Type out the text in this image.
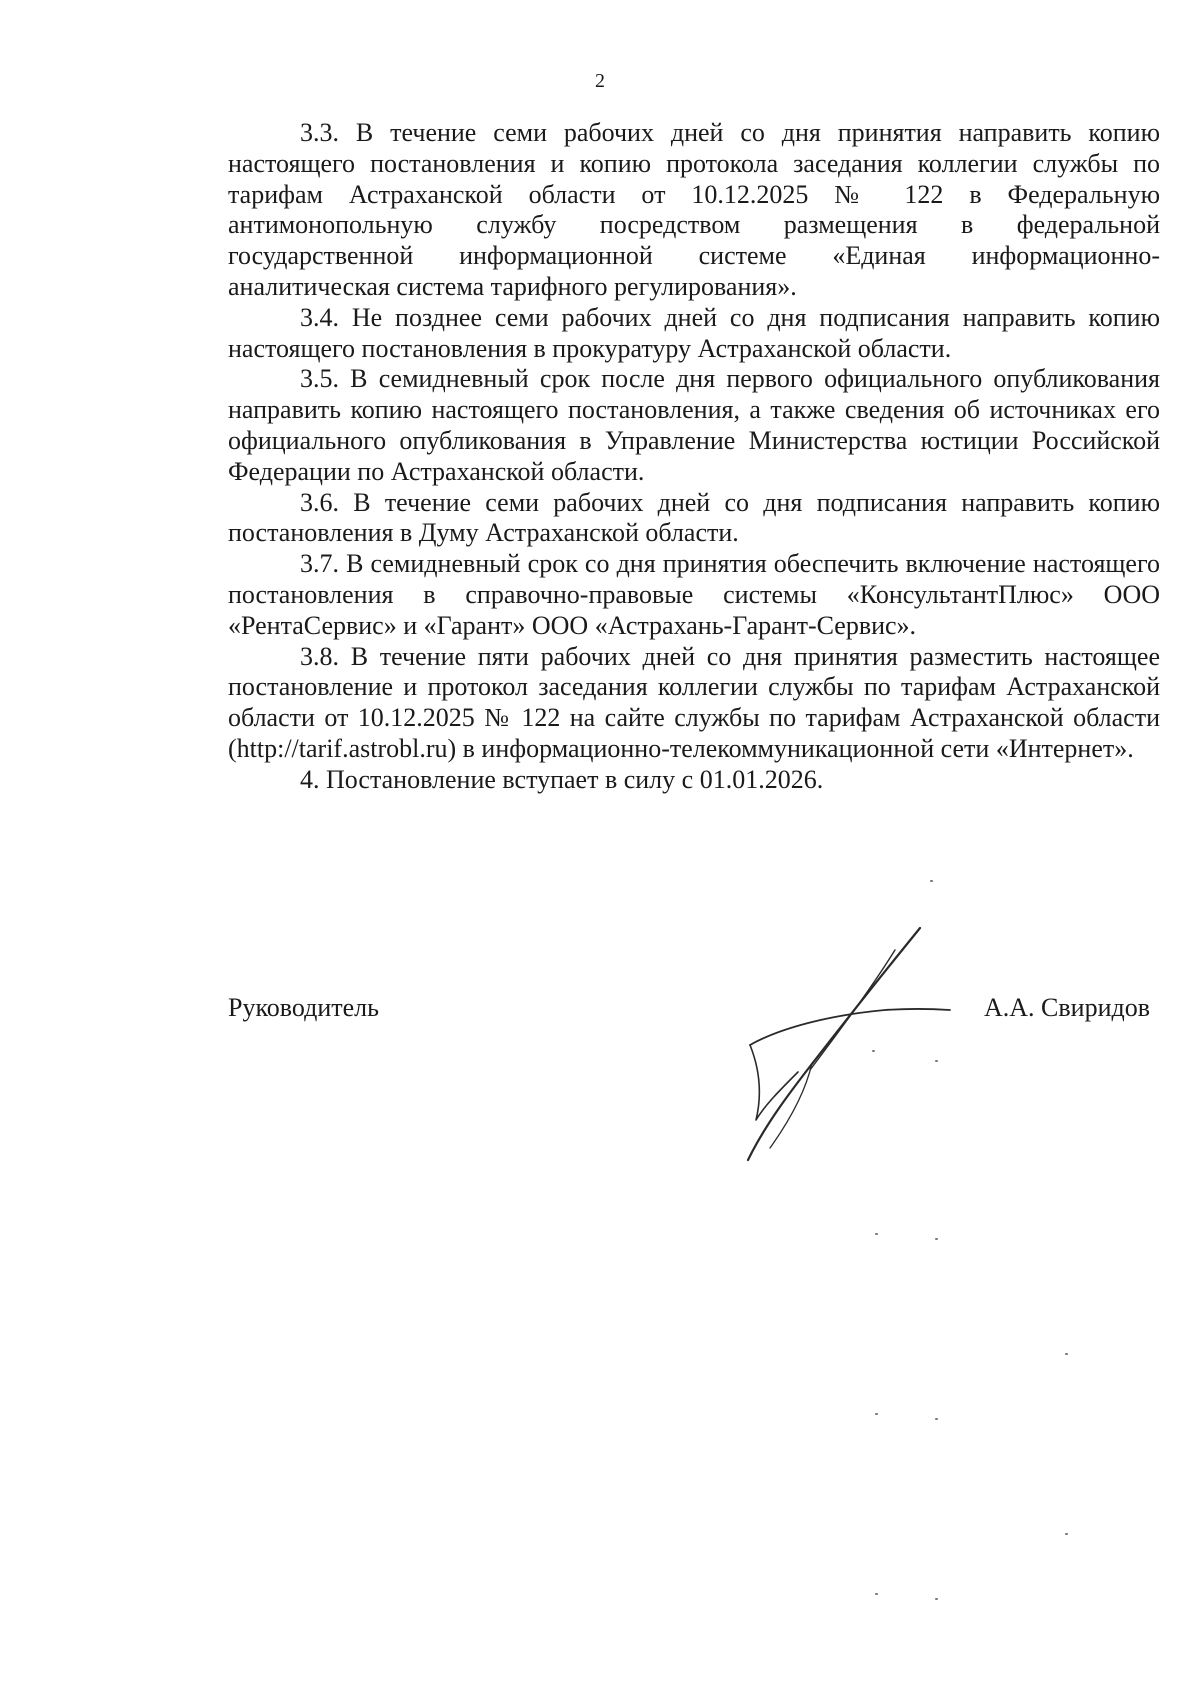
2

3.3. В течение семи рабочих дней со дня принятия направить копию настоящего постановления и копию протокола заседания коллегии службы по тарифам Астраханской области от 10.12.2025 № 122 в Федеральную антимонопольную службу посредством размещения в федеральной государственной информационной системе «Единая информационно-аналитическая система тарифного регулирования».

3.4. Не позднее семи рабочих дней со дня подписания направить копию настоящего постановления в прокуратуру Астраханской области.

3.5. В семидневный срок после дня первого официального опубликования направить копию настоящего постановления, а также сведения об источниках его официального опубликования в Управление Министерства юстиции Российской Федерации по Астраханской области.

3.6. В течение семи рабочих дней со дня подписания направить копию постановления в Думу Астраханской области.

3.7. В семидневный срок со дня принятия обеспечить включение настоящего постановления в справочно-правовые системы «КонсультантПлюс» ООО «РентаСервис» и «Гарант» ООО «Астрахань-Гарант-Сервис».

3.8. В течение пяти рабочих дней со дня принятия разместить настоящее постановление и протокол заседания коллегии службы по тарифам Астраханской области от 10.12.2025 № 122 на сайте службы по тарифам Астраханской области (http://tarif.astrobl.ru) в информационно-телекоммуникационной сети «Интернет».

4. Постановление вступает в силу с 01.01.2026.

Руководитель	А.А. Свиридов
